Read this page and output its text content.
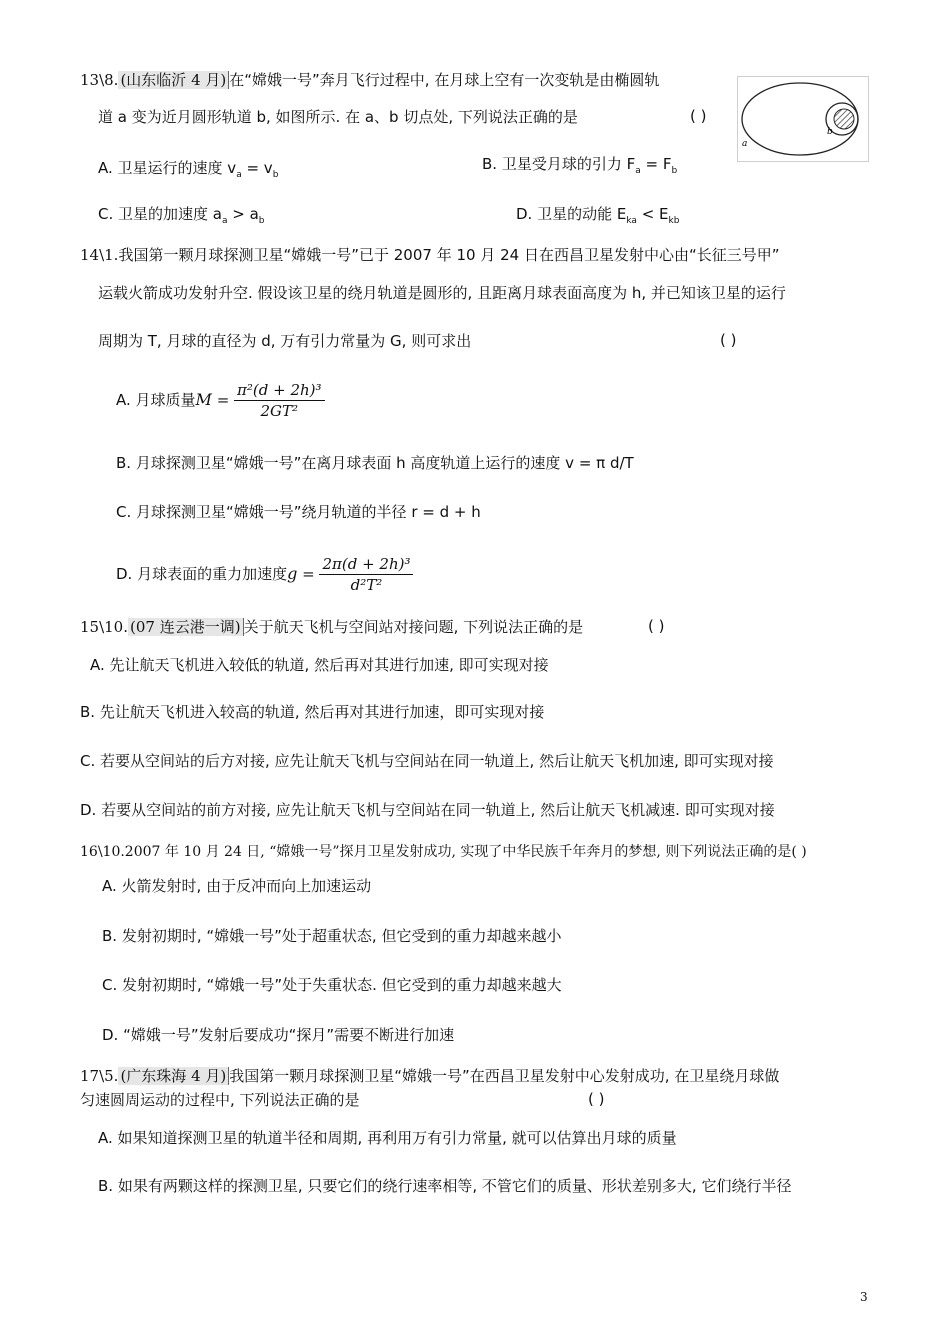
13\8. (山东临沂 4 月) 在“嫦娥一号”奔月飞行过程中, 在月球上空有一次变轨是由椭圆轨
道 a 变为近月圆形轨道 b, 如图所示. 在 a、b 切点处, 下列说法正确的是	( )
a
b
A. 卫星运行的速度 $v_a = v_b$
B. 卫星受月球的引力 $F_a = F_b$
C. 卫星的加速度 $a_a > a_b$	D. 卫星的动能 $E_{ka} < E_{kb}$
14\1.我国第一颗月球探测卫星“嫦娥一号”已于 2007 年 10 月 24 日在西昌卫星发射中心由“长征三号甲”
运载火箭成功发射升空. 假设该卫星的绕月轨道是圆形的, 且距离月球表面高度为 h, 并已知该卫星的运行
周期为 T, 月球的直径为 d, 万有引力常量为 G, 则可求出	( )
A. 月球质量$M = \frac{\text{π²(d + 2h)³}}{\text{2GT²}}$
B. 月球探测卫星“嫦娥一号”在离月球表面 h 高度轨道上运行的速度 v = π d/T
C. 月球探测卫星“嫦娥一号”绕月轨道的半径 r = d + h
D. 月球表面的重力加速度$g = \frac{\text{2π(d + 2h)³}}{\text{d²T²}}$
15\10. (07 连云港一调) 关于航天飞机与空间站对接问题, 下列说法正确的是	( )
A. 先让航天飞机进入较低的轨道, 然后再对其进行加速, 即可实现对接
B. 先让航天飞机进入较高的轨道, 然后再对其进行加速，即可实现对接
C. 若要从空间站的后方对接, 应先让航天飞机与空间站在同一轨道上, 然后让航天飞机加速, 即可实现对接
D. 若要从空间站的前方对接, 应先让航天飞机与空间站在同一轨道上, 然后让航天飞机减速. 即可实现对接
16\10.2007 年 10 月 24 日, “嫦娥一号”探月卫星发射成功, 实现了中华民族千年奔月的梦想, 则下列说法正确的是( )
A. 火箭发射时, 由于反冲而向上加速运动
B. 发射初期时, “嫦娥一号”处于超重状态, 但它受到的重力却越来越小
C. 发射初期时, “嫦娥一号”处于失重状态. 但它受到的重力却越来越大
D. “嫦娥一号”发射后要成功“探月”需要不断进行加速
17\5. (广东珠海 4 月) 我国第一颗月球探测卫星“嫦娥一号”在西昌卫星发射中心发射成功, 在卫星绕月球做
匀速圆周运动的过程中, 下列说法正确的是	( )
A. 如果知道探测卫星的轨道半径和周期, 再利用万有引力常量, 就可以估算出月球的质量
B. 如果有两颗这样的探测卫星, 只要它们的绕行速率相等, 不管它们的质量、形状差别多大, 它们绕行半径
3
